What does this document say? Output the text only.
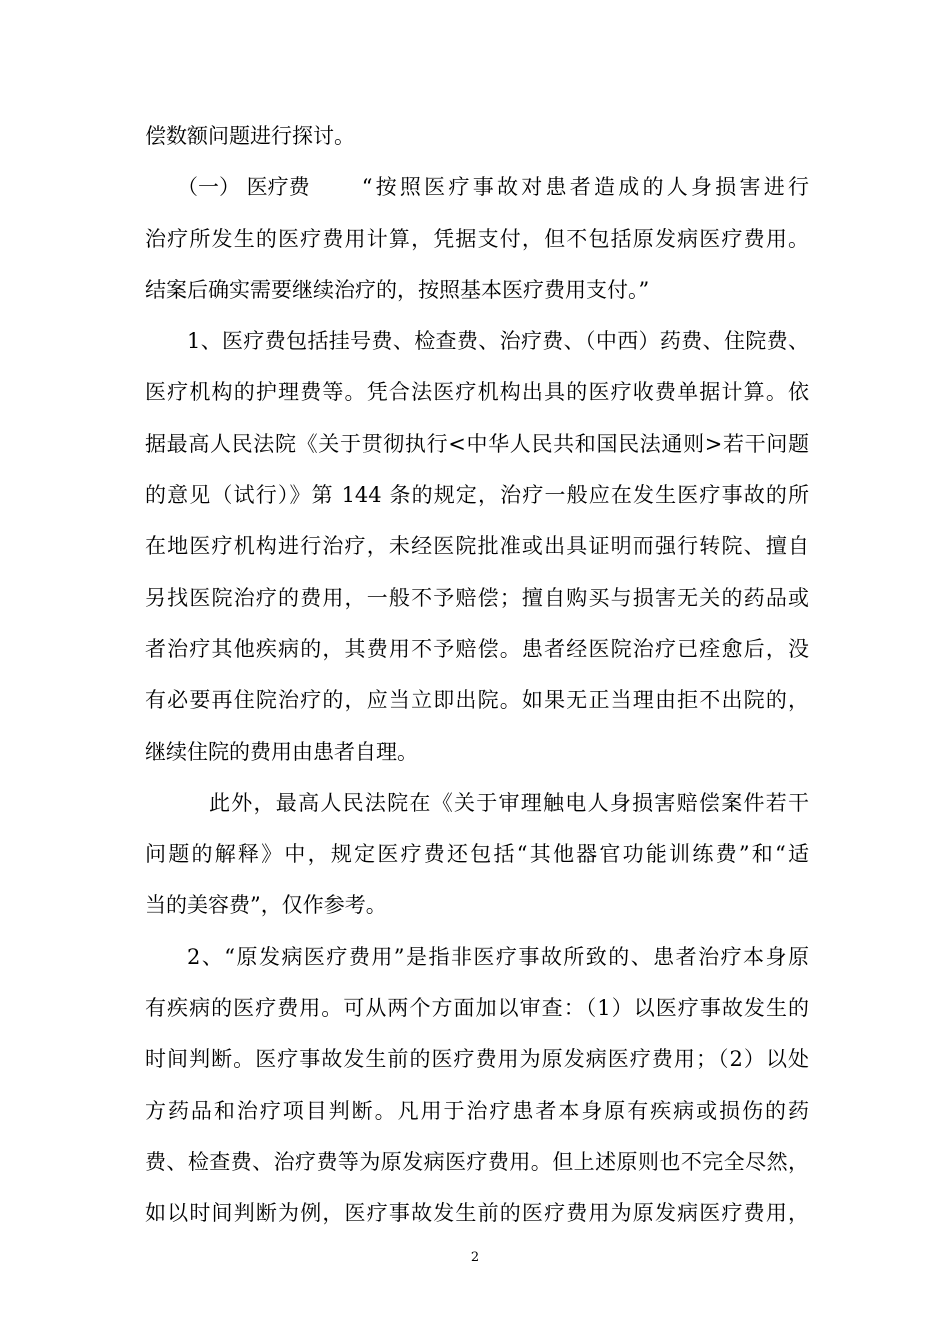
偿数额问题进行探讨。
（一） 医疗费 “按照医疗事故对患者造成的人身损害进行
治疗所发生的医疗费用计算，凭据支付，但不包括原发病医疗费用。
结案后确实需要继续治疗的，按照基本医疗费用支付。”
1、医疗费包括挂号费、检查费、治疗费、（中西）药费、住院费、
医疗机构的护理费等。凭合法医疗机构出具的医疗收费单据计算。依
据最高人民法院《关于贯彻执行<中华人民共和国民法通则>若干问题
的意见（试行）》第 144 条的规定，治疗一般应在发生医疗事故的所
在地医疗机构进行治疗，未经医院批准或出具证明而强行转院、擅自
另找医院治疗的费用，一般不予赔偿；擅自购买与损害无关的药品或
者治疗其他疾病的，其费用不予赔偿。患者经医院治疗已痊愈后，没
有必要再住院治疗的，应当立即出院。如果无正当理由拒不出院的，
继续住院的费用由患者自理。
此外，最高人民法院在《关于审理触电人身损害赔偿案件若干
问题的解释》中，规定医疗费还包括“其他器官功能训练费”和“适
当的美容费”，仅作参考。
2、“原发病医疗费用”是指非医疗事故所致的、患者治疗本身原
有疾病的医疗费用。可从两个方面加以审查：（1）以医疗事故发生的
时间判断。医疗事故发生前的医疗费用为原发病医疗费用；（2）以处
方药品和治疗项目判断。凡用于治疗患者本身原有疾病或损伤的药
费、检查费、治疗费等为原发病医疗费用。但上述原则也不完全尽然，
如以时间判断为例，医疗事故发生前的医疗费用为原发病医疗费用，
2
